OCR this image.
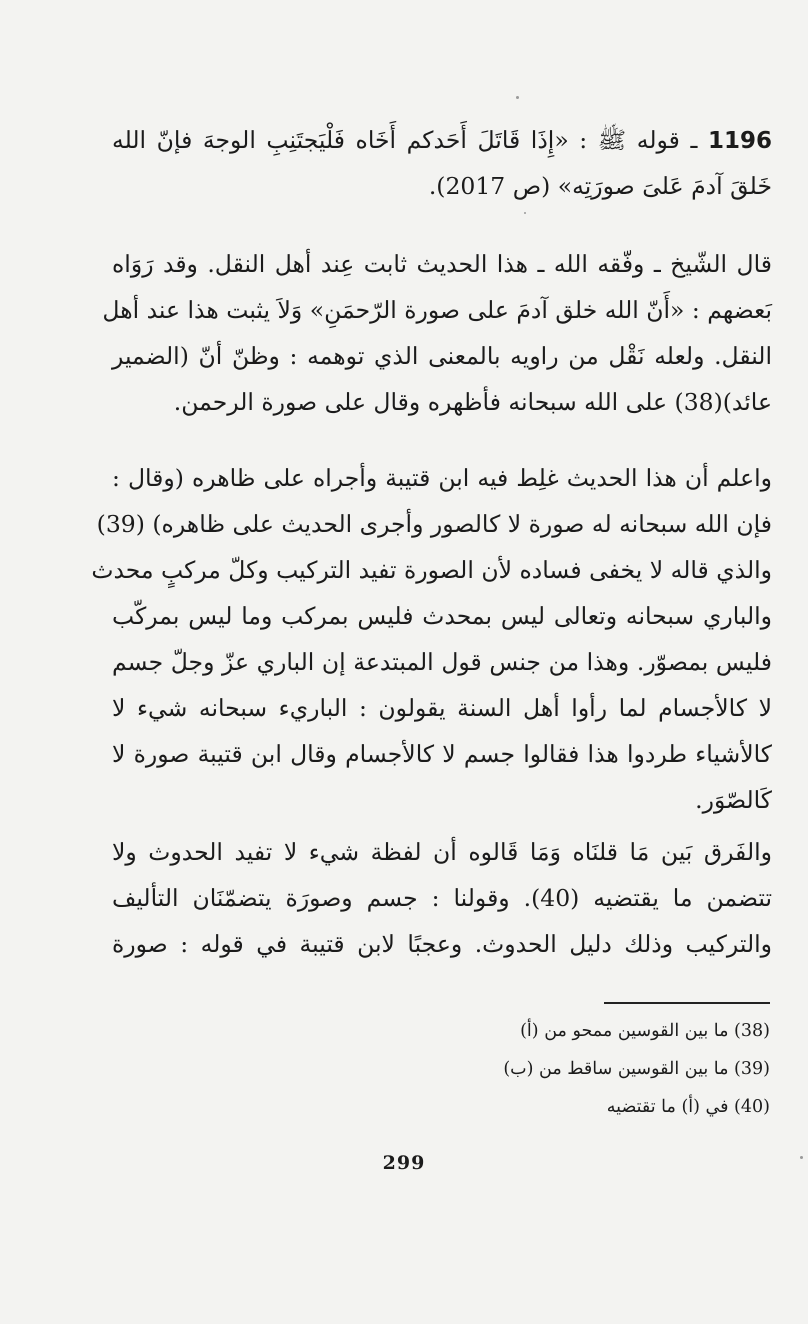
1196 ـ قوله ﷺ : «إِذَا قَاتَلَ أَحَدكم أَخَاه فَلْيَجتَنِبِ الوجهَ فإنّ الله
خَلقَ آدمَ عَلىَ صورَتِه» (ص 2017).
قال الشّيخ ـ وفّقه الله ـ هذا الحديث ثابت عِند أهل النقل. وقد رَوَاه
بَعضهم : «أَنّ الله خلق آدمَ على صورة الرّحمَنِ» وَلاَ يثبت هذا عند أهل
النقل. ولعله نَقْل من راويه بالمعنى الذي توهمه : وظنّ أنّ (الضمير
عائد)(38) على الله سبحانه فأظهره وقال على صورة الرحمن.
واعلم أن هذا الحديث غلِط فيه ابن قتيبة وأجراه على ظاهره (وقال :
فإن الله سبحانه له صورة لا كالصور وأجرى الحديث على ظاهره) (39)
والذي قاله لا يخفى فساده لأن الصورة تفيد التركيب وكلّ مركبٍ محدث
والباري سبحانه وتعالى ليس بمحدث فليس بمركب وما ليس بمركّب
فليس بمصوّر. وهذا من جنس قول المبتدعة إن الباري عزّ وجلّ جسم
لا كالأجسام لما رأوا أهل السنة يقولون : الباريء سبحانه شيء لا
كالأشياء طردوا هذا فقالوا جسم لا كالأجسام وقال ابن قتيبة صورة لا
كَالصّوَر.
والفَرق بَين مَا قلنَاه وَمَا قَالوه أن لفظة شيء لا تفيد الحدوث ولا
تتضمن ما يقتضيه (40). وقولنا : جسم وصورَة يتضمّنَان التأليف
والتركيب وذلك دليل الحدوث. وعجبًا لابن قتيبة في قوله : صورة
(38) ما بين القوسين ممحو من (أ)
(39) ما بين القوسين ساقط من (ب)
(40) في (أ) ما تقتضيه
299
